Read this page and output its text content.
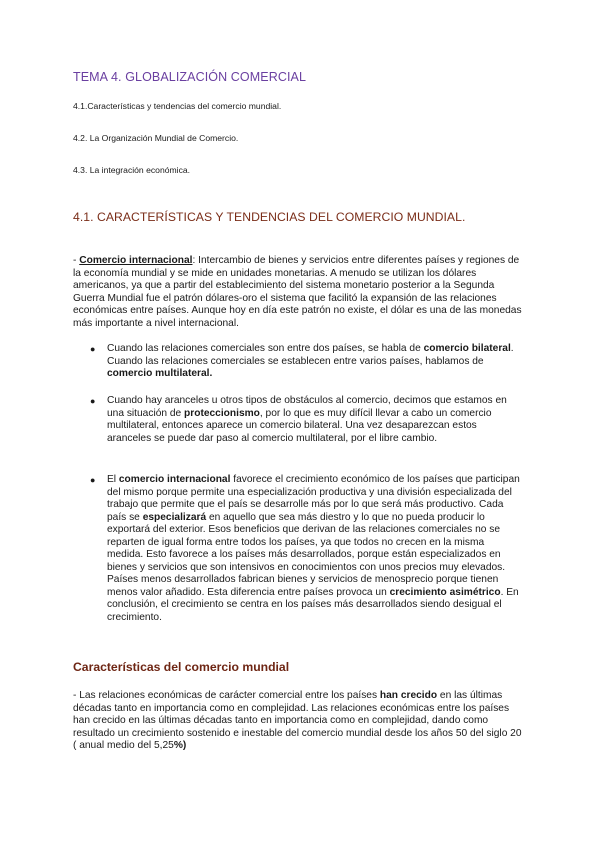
TEMA 4. GLOBALIZACIÓN COMERCIAL
4.1.Características y tendencias del comercio mundial.
4.2. La Organización Mundial de Comercio.
4.3. La integración económica.
4.1. CARACTERÍSTICAS Y TENDENCIAS DEL COMERCIO MUNDIAL.
- Comercio internacional: Intercambio de bienes y servicios entre diferentes países y regiones de la economía mundial y se mide en unidades monetarias. A menudo se utilizan los dólares americanos, ya que a partir del establecimiento del sistema monetario posterior a la Segunda Guerra Mundial fue el patrón dólares-oro el sistema que facilitó la expansión de las relaciones económicas entre países. Aunque hoy en día este patrón no existe, el dólar es una de las monedas más importante a nivel internacional.
● Cuando las relaciones comerciales son entre dos países, se habla de comercio bilateral. Cuando las relaciones comerciales se establecen entre varios países, hablamos de comercio multilateral.
● Cuando hay aranceles u otros tipos de obstáculos al comercio, decimos que estamos en una situación de proteccionismo, por lo que es muy difícil llevar a cabo un comercio multilateral, entonces aparece un comercio bilateral. Una vez desaparezcan estos aranceles se puede dar paso al comercio multilateral, por el libre cambio.
● El comercio internacional favorece el crecimiento económico de los países que participan del mismo porque permite una especialización productiva y una división especializada del trabajo que permite que el país se desarrolle más por lo que será más productivo. Cada país se especializará en aquello que sea más diestro y lo que no pueda producir lo exportará del exterior. Esos beneficios que derivan de las relaciones comerciales no se reparten de igual forma entre todos los países, ya que todos no crecen en la misma medida. Esto favorece a los países más desarrollados, porque están especializados en bienes y servicios que son intensivos en conocimientos con unos precios muy elevados. Países menos desarrollados fabrican bienes y servicios de menosprecio porque tienen menos valor añadido. Esta diferencia entre países provoca un crecimiento asimétrico. En conclusión, el crecimiento se centra en los países más desarrollados siendo desigual el crecimiento.
Características del comercio mundial
- Las relaciones económicas de carácter comercial entre los países han crecido en las últimas décadas tanto en importancia como en complejidad. Las relaciones económicas entre los países han crecido en las últimas décadas tanto en importancia como en complejidad, dando como resultado un crecimiento sostenido e inestable del comercio mundial desde los años 50 del siglo 20 ( anual medio del 5,25%)
